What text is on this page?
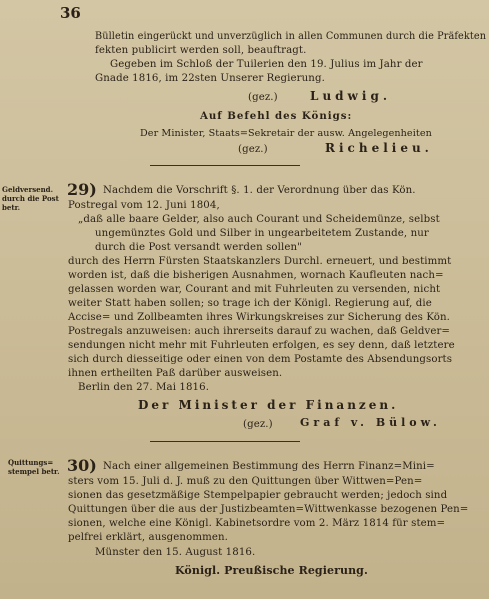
36
Bülletin eingerückt und unverzüglich in allen Communen durch die Präfekten
fekten publicirt werden soll, beauftragt.
Gegeben im Schloß der Tuilerien den 19. Julius im Jahr der
Gnade 1816, im 22sten Unserer Regierung.
(gez.)	Ludwig.
Auf Befehl des Königs:
Der Minister, Staats=Sekretair der ausw. Angelegenheiten
(gez.)	Richelieu.
Geldversend. durch die Post betr.
29) Nachdem die Vorschrift §. 1. der Verordnung über das Kön.
Postregal vom 12. Juni 1804,
„daß alle baare Gelder, also auch Courant und Scheidemünze, selbst
ungemünztes Gold und Silber in ungearbeitetem Zustande, nur
durch die Post versandt werden sollen"
durch des Herrn Fürsten Staatskanzlers Durchl. erneuert, und bestimmt
worden ist, daß die bisherigen Ausnahmen, wornach Kaufleuten nach=
gelassen worden war, Courant and mit Fuhrleuten zu versenden, nicht
weiter Statt haben sollen; so trage ich der Königl. Regierung auf, die
Accise= und Zollbeamten ihres Wirkungskreises zur Sicherung des Kön.
Postregals anzuweisen: auch ihrerseits darauf zu wachen, daß Geldver=
sendungen nicht mehr mit Fuhrleuten erfolgen, es sey denn, daß letztere
sich durch diesseitige oder einen von dem Postamte des Absendungsorts
ihnen ertheilten Paß darüber ausweisen.
Berlin den 27. Mai 1816.
Der Minister der Finanzen.
(gez.) Graf v. Bülow.
Quittungs= stempel betr. 30) Nach einer allgemeinen Bestimmung des Herrn Finanz=Mini=
sters vom 15. Juli d. J. muß zu den Quittungen über Wittwen=Pen=
sionen das gesetzmäßige Stempelpapier gebraucht werden; jedoch sind
Quittungen über die aus der Justizbeamten=Wittwenkasse bezogenen Pen=
sionen, welche eine Königl. Kabinetsordre vom 2. März 1814 für stem=
pelfrei erklärt, ausgenommen.
Münster den 15. August 1816.
Königl. Preußische Regierung.
